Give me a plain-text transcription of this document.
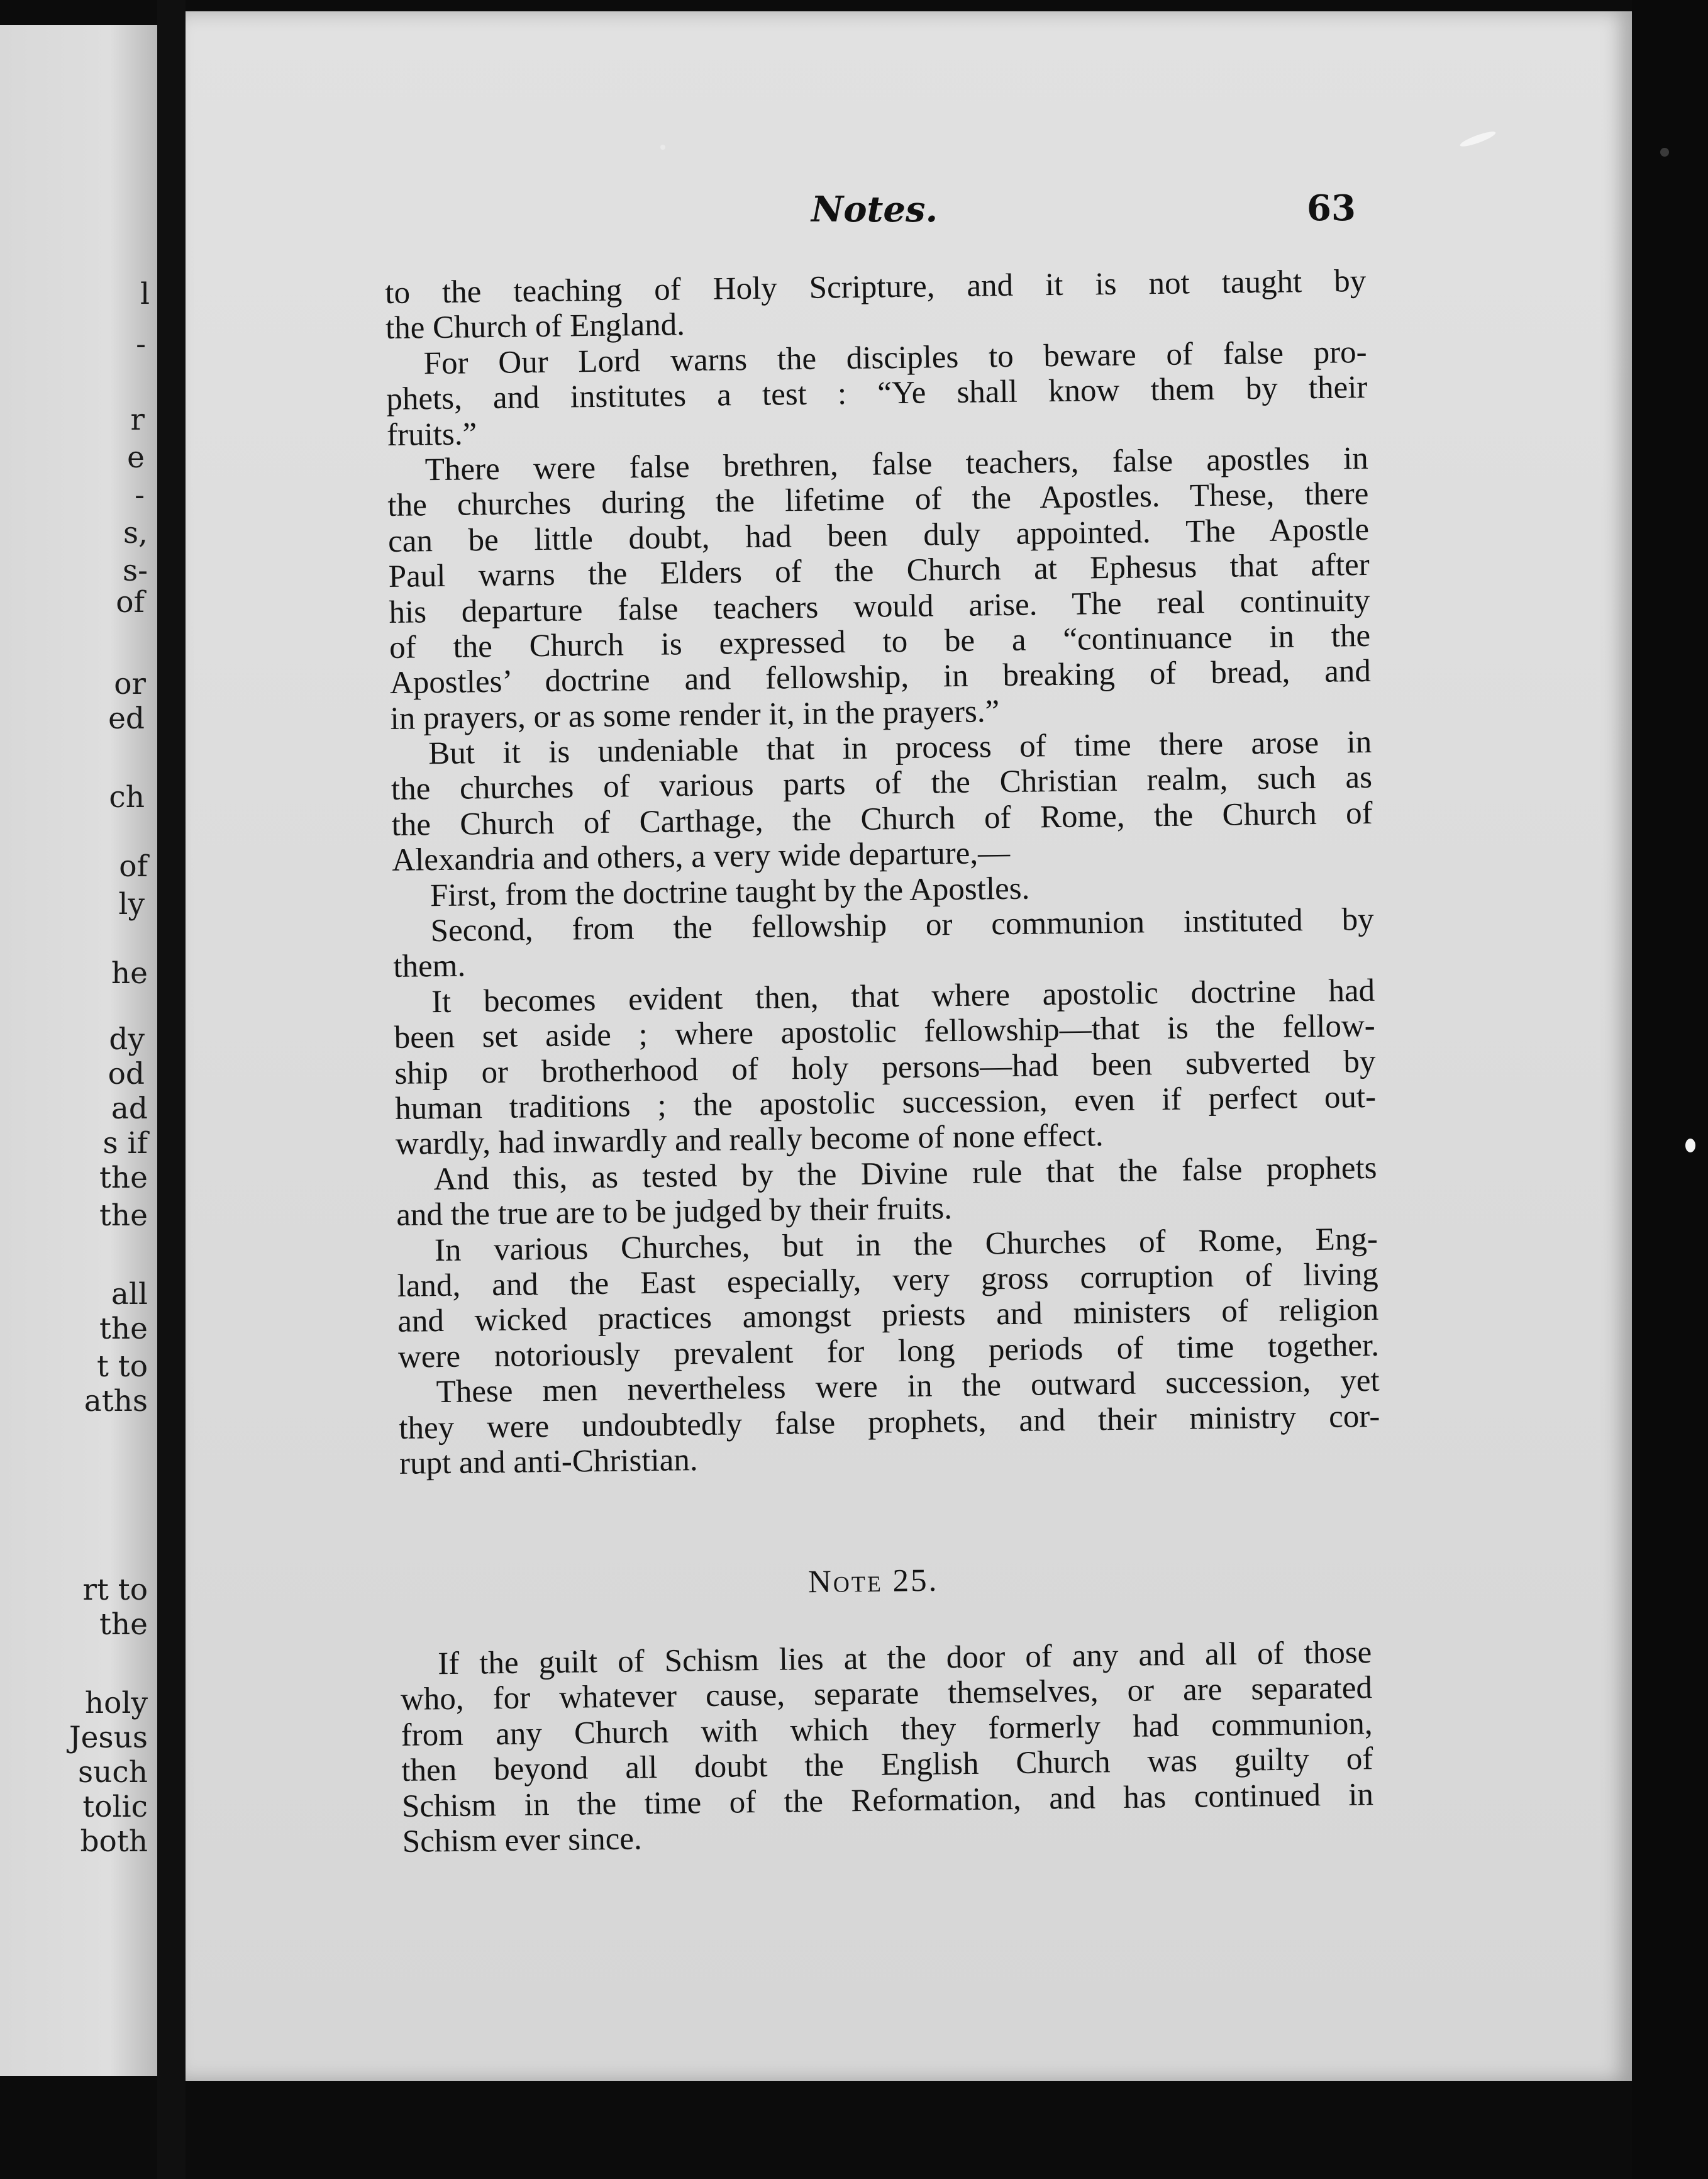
l
-
r
e
-
s,
s-
of
or
ed
ch
of
ly
he
dy
od
ad
s if
the
the
all
the
t to
aths
rt to
the
holy
Jesus
such
tolic
both
Notes.	63
to the teaching of Holy Scripture, and it is not taught by
the Church of England.
For Our Lord warns the disciples to beware of false pro-
phets, and institutes a test : “Ye shall know them by their
fruits.”
There were false brethren, false teachers, false apostles in
the churches during the lifetime of the Apostles. These, there
can be little doubt, had been duly appointed. The Apostle
Paul warns the Elders of the Church at Ephesus that after
his departure false teachers would arise. The real continuity
of the Church is expressed to be a “continuance in the
Apostles’ doctrine and fellowship, in breaking of bread, and
in prayers, or as some render it, in the prayers.”
But it is undeniable that in process of time there arose in
the churches of various parts of the Christian realm, such as
the Church of Carthage, the Church of Rome, the Church of
Alexandria and others, a very wide departure,—
First, from the doctrine taught by the Apostles.
Second, from the fellowship or communion instituted by
them.
It becomes evident then, that where apostolic doctrine had
been set aside ; where apostolic fellowship—that is the fellow-
ship or brotherhood of holy persons—had been subverted by
human traditions ; the apostolic succession, even if perfect out-
wardly, had inwardly and really become of none effect.
And this, as tested by the Divine rule that the false prophets
and the true are to be judged by their fruits.
In various Churches, but in the Churches of Rome, Eng-
land, and the East especially, very gross corruption of living
and wicked practices amongst priests and ministers of religion
were notoriously prevalent for long periods of time together.
These men nevertheless were in the outward succession, yet
they were undoubtedly false prophets, and their ministry cor-
rupt and anti-Christian.
Note 25.
If the guilt of Schism lies at the door of any and all of those
who, for whatever cause, separate themselves, or are separated
from any Church with which they formerly had communion,
then beyond all doubt the English Church was guilty of
Schism in the time of the Reformation, and has continued in
Schism ever since.
